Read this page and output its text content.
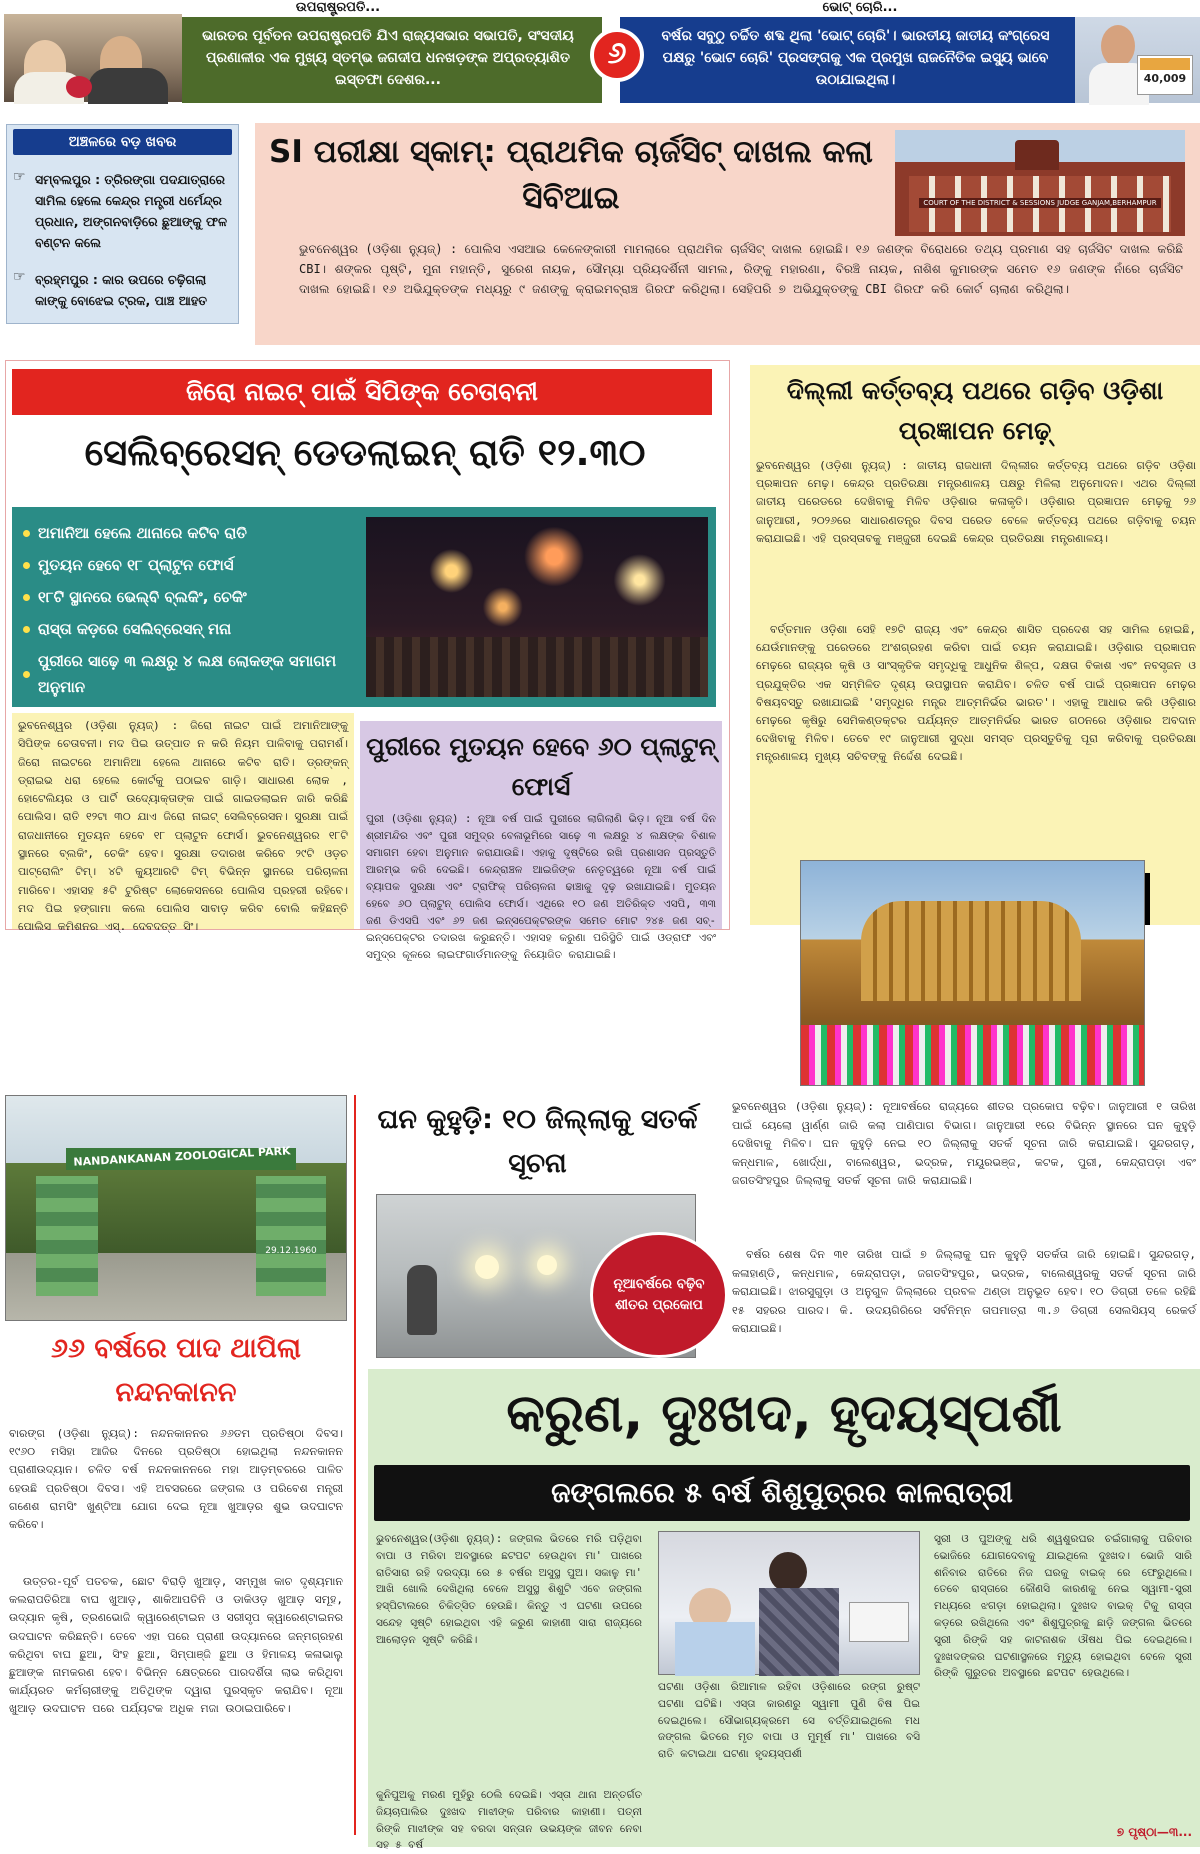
ଉପରାଷ୍ଟ୍ରପତି...
ଭାରତର ପୂର୍ବତନ ଉପରାଷ୍ଟ୍ରପତି ଯିଏ ରାଜ୍ୟସଭାର ସଭାପତି, ସଂସଦୀୟ ପ୍ରଣାଳୀର ଏକ ମୁଖ୍ୟ ସ୍ତମ୍ଭ ଜଗଦୀପ ଧନଖଡ଼ଙ୍କ ଅପ୍ରତ୍ୟାଶିତ ଇସ୍ତଫା ଦେଶର...
୬
ଭୋଟ୍ ଚୋରି...
ବର୍ଷର ସବୁଠୁ ଚର୍ଚ୍ଚିତ ଶବ୍ଦ ଥିଲା 'ଭୋଟ୍ ଚୋରି'। ଭାରତୀୟ ଜାତୀୟ କଂଗ୍ରେସ ପକ୍ଷରୁ 'ଭୋଟ ଚୋରି' ପ୍ରସଙ୍ଗକୁ ଏକ ପ୍ରମୁଖ ରାଜନୈତିକ ଇସ୍ୟୁ ଭାବେ ଉଠାଯାଇଥିଲା।	40,009
ଅଞ୍ଚଳରେ ବଡ଼ ଖବର
☞ ସମ୍ବଲପୁର : ତ୍ରିରଙ୍ଗା ପଦଯାତ୍ରାରେ ସାମିଲ ହେଲେ କେନ୍ଦ୍ର ମନ୍ତ୍ରୀ ଧର୍ମେନ୍ଦ୍ର ପ୍ରଧାନ, ଅଙ୍ଗନବାଡ଼ିରେ ଛୁଆଙ୍କୁ ଫଳ ବଣ୍ଟନ କଲେ
☞ ବ୍ରହ୍ମପୁର : କାର ଉପରେ ଚଢ଼ିଗଲା କାଙ୍କୁ ବୋଝେଇ ଟ୍ରକ, ପାଞ୍ଚ ଆହତ
SI ପରୀକ୍ଷା ସ୍କାମ୍: ପ୍ରାଥମିକ ଚାର୍ଜସିଟ୍ ଦାଖଲ କଲା ସିବିଆଇ
ଭୁବନେଶ୍ୱର (ଓଡ଼ିଶା ନ୍ୟୁଜ୍) : ପୋଲିସ ଏସଆଇ କେଳେଙ୍କାରୀ ମାମଲାରେ ପ୍ରାଥମିକ ଚାର୍ଜସିଟ୍ ଦାଖଲ ହୋଇଛି। ୧୬ ଜଣଙ୍କ ବିରୋଧରେ ତଥ୍ୟ ପ୍ରମାଣ ସହ ଚାର୍ଜସିଟ ଦାଖଲ କରିଛି CBI। ଶଙ୍କର ପୃଷ୍ଟି, ମୁନା ମହାନ୍ତି, ସୁରେଶ ନାୟକ, ସୌମ୍ୟା ପ୍ରିୟଦର୍ଶିନୀ ସାମଲ, ରିଙ୍କୁ ମହାରଣା, ବିରଞ୍ଚି ନାୟକ, ନାଶିଶ କୁମାରଙ୍କ ସମେତ ୧୬ ଜଣଙ୍କ ନାଁରେ ଚାର୍ଜସିଟ ଦାଖଲ ହୋଇଛି। ୧୬ ଅଭିଯୁକ୍ତଙ୍କ ମଧ୍ୟରୁ ୯ ଜଣଙ୍କୁ କ୍ରାଇମବ୍ରାଞ୍ଚ ଗିରଫ କରିଥିଲା। ସେହିପରି ୭ ଅଭିଯୁକ୍ତଙ୍କୁ CBI ଗିରଫ କରି କୋର୍ଟ ଚାଲାଣ କରିଥିଲା।
COURT OF THE DISTRICT & SESSIONS JUDGE GANJAM,BERHAMPUR
ଜିରୋ ନାଇଟ୍ ପାଇଁ ସିପିଙ୍କ ଚେତାବନୀ
ସେଲିବ୍ରେସନ୍ ଡେଡଲାଇନ୍ ରାତି ୧୨.୩୦
ଅମାନିଆ ହେଲେ ଥାନାରେ କଟିବ ରାତି
ମୁତୟନ ହେବେ ୧୮ ପ୍ଲାଟୁନ ଫୋର୍ସ
୧୮ଟି ସ୍ଥାନରେ ଭେଲ୍ବି ବ୍ଲକିଂ, ଚେକିଂ
ରାସ୍ତା କଡ଼ରେ ସେଲିବ୍ରେସନ୍ ମନା
ପୁରୀରେ ସାଢ଼େ ୩ ଲକ୍ଷରୁ ୪ ଲକ୍ଷ ଲୋକଙ୍କ ସମାଗମ ଅନୁମାନ
ଭୁବନେଶ୍ୱର (ଓଡ଼ିଶା ନ୍ୟୁଜ୍) : ଜିରୋ ନାଇଟ ପାଇଁ ଅମାନିଆଙ୍କୁ ସିପିଙ୍କ ଚେତାବନୀ। ମଦ ପିଇ ଉତ୍ପାତ ନ କରି ନିୟମ ପାଳିବାକୁ ପରାମର୍ଶ। ଜିରୋ ନାଇଟରେ ଅମାନିଆ ହେଲେ ଥାନାରେ କଟିବ ରାତି। ଡ୍ରଙ୍କନ୍ ଡ୍ରାଇଭ ଧରା ହେଲେ କୋର୍ଟକୁ ପଠାଇବ ଗାଡ଼ି। ସାଧାରଣ ଲୋକ , ହୋଟେଲିୟର ଓ ପାର୍ଟି ଉଦ୍ୟୋକ୍ତାଙ୍କ ପାଇଁ ଗାଇଡଲାଇନ ଜାରି କରିଛି ପୋଲିସ। ରାତି ୧୨ଟା ୩୦ ଯାଏ ଜିରୋ ନାଇଟ୍ ସେଲିବ୍ରେସନ। ସୁରକ୍ଷା ପାଇଁ ରାଜଧାନୀରେ ମୁତୟନ ହେବେ ୧୮ ପ୍ଲାଟୁନ ଫୋର୍ସ। ଭୁବନେଶ୍ୱରର ୧୮ଟି ସ୍ଥାନରେ ବ୍ଲକିଂ, ଚେକିଂ ହେବ। ସୁରକ୍ଷା ତଦାରଖ କରିବେ ୨୯ଟି ଓଡ଼ଚ ପାଟ୍ରୋଲିଂ ଟିମ୍। ୪ଟି କ୍ୟୁଆରଟି ଟିମ୍ ବିଭିନ୍ନ ସ୍ଥାନରେ ପରିଚାଳନା ମାରିବେ। ଏହାସହ ୫ଟି ଟୁରିଷ୍ଟ ଲୋକେସନରେ ପୋଲିସ ପ୍ରହରୀ ରହିବେ। ମଦ ପିଇ ହଙ୍ଗାମା କଲେ ପୋଲିସ ସାବାଡ଼ କରିବ ବୋଲି କହିଛନ୍ତି ପୋଲିସ କମିଶନର ଏସ୍. ଦେବଦତ୍ତ ସିଂ।
ପୁରୀରେ ମୁତୟନ ହେବେ ୬୦ ପ୍ଲାଟୁନ୍ ଫୋର୍ସ
ପୁରୀ (ଓଡ଼ିଶା ନ୍ୟୁଜ୍) : ନୂଆ ବର୍ଷ ପାଇଁ ପୁରୀରେ ଲାଗିଲାଣି ଭିଡ଼। ନୂଆ ବର୍ଷ ଦିନ ଶ୍ରୀମନ୍ଦିର ଏବଂ ପୁରୀ ସମୁଦ୍ର ବେଳାଭୂମିରେ ସାଢ଼େ ୩ ଲକ୍ଷରୁ ୪ ଲକ୍ଷଙ୍କ ବିଶାଳ ସମାଗମ ହେବା ଅନୁମାନ କରାଯାଉଛି। ଏହାକୁ ଦୃଷ୍ଟିରେ ରଖି ପ୍ରଶାସନ ପ୍ରସ୍ତୁତି ଆରମ୍ଭ କରି ଦେଇଛି। କେନ୍ଦ୍ରାଞ୍ଚଳ ଆଇଜିଙ୍କ ନେତୃତ୍ୱରେ ନୂଆ ବର୍ଷ ପାଇଁ ବ୍ୟାପକ ସୁରକ୍ଷା ଏବଂ ଟ୍ରାଫିକ୍ ପରିଚାଳନା ଢାଞ୍ଚାକୁ ଦୃଢ଼ ରଖାଯାଇଛି। ମୁତୟନ ହେବେ ୬୦ ପ୍ଲାଟୁନ୍ ପୋଲିସ ଫୋର୍ସ। ଏଥିରେ ୧୦ ଜଣ ଅତିରିକ୍ତ ଏସପି, ୩୩ ଜଣ ଡିଏସପି ଏବଂ ୬୨ ଜଣ ଇନ୍ସପେକ୍ଟରଙ୍କ ସମେତ ମୋଟ ୨୪୫ ଜଣ ସବ୍-ଇନ୍ସପେକ୍ଟର ତଦାରଖ କରୁଛନ୍ତି। ଏହାସହ କରୁଣା ପରିସ୍ଥିତି ପାଇଁ ଓଡ୍ରାଫ ଏବଂ ସମୁଦ୍ର କୂଳରେ ଲାଇଫଗାର୍ଡମାନଙ୍କୁ ନିୟୋଜିତ କରାଯାଇଛି।
ଦିଲ୍ଲୀ କର୍ତ୍ତବ୍ୟ ପଥରେ ଗଡ଼ିବ ଓଡ଼ିଶା ପ୍ରଜ୍ଞାପନ ମେଢ଼୍
ଭୁବନେଶ୍ୱର (ଓଡ଼ିଶା ନ୍ୟୁଜ୍) : ଜାତୀୟ ରାଜଧାନୀ ଦିଲ୍ଲୀର କର୍ତ୍ତବ୍ୟ ପଥରେ ଗଡ଼ିବ ଓଡ଼ିଶା ପ୍ରଜ୍ଞାପନ ମେଢ଼। କେନ୍ଦ୍ର ପ୍ରତିରକ୍ଷା ମନ୍ତ୍ରଣାଳୟ ପକ୍ଷରୁ ମିଳିଲା ଅନୁମୋଦନ। ଏଥର ଦିଲ୍ଲୀ ଜାତୀୟ ପରେଡରେ ଦେଖିବାକୁ ମିଳିବ ଓଡ଼ିଶାର କଳାକୃତି। ଓଡ଼ିଶାର ପ୍ରଜ୍ଞାପନ ମେଢ଼କୁ ୨୬ ଜାନୁଆରୀ, ୨୦୨୬ରେ ସାଧାରଣତନ୍ତ୍ର ଦିବସ ପରେଡ ବେଳେ କର୍ତ୍ତବ୍ୟ ପଥରେ ଗଡ଼ିବାକୁ ଚୟନ କରାଯାଇଛି। ଏହି ପ୍ରସ୍ତାବକୁ ମଞ୍ଜୁରୀ ଦେଇଛି କେନ୍ଦ୍ର ପ୍ରତିରକ୍ଷା ମନ୍ତ୍ରଣାଳୟ।
ବର୍ତ୍ତମାନ ଓଡ଼ିଶା ସେହି ୧୭ଟି ରାଜ୍ୟ ଏବଂ କେନ୍ଦ୍ର ଶାସିତ ପ୍ରଦେଶ ସହ ସାମିଲ ହୋଇଛି, ଯେଉଁମାନଙ୍କୁ ପରେଡରେ ଅଂଶଗ୍ରହଣ କରିବା ପାଇଁ ଚୟନ କରାଯାଇଛି। ଓଡ଼ିଶାର ପ୍ରଜ୍ଞାପନ ମେଢ଼ରେ ରାଜ୍ୟର କୃଷି ଓ ସାଂସ୍କୃତିକ ସମୃଦ୍ଧିକୁ ଆଧୁନିକ ଶିଳ୍ପ, ଦକ୍ଷତା ବିକାଶ ଏବଂ ନବସୃଜନ ଓ ପ୍ରଯୁକ୍ତିର ଏକ ସମ୍ମିଳିତ ଦୃଶ୍ୟ ଉପସ୍ଥାପନ କରାଯିବ। ଚଳିତ ବର୍ଷ ପାଇଁ ପ୍ରଜ୍ଞାପନ ମେଢ଼ର ବିଷୟବସ୍ତୁ ରଖାଯାଇଛି 'ସମୃଦ୍ଧିର ମନ୍ତ୍ର ଆତ୍ମନିର୍ଭର ଭାରତ'। ଏହାକୁ ଆଧାର କରି ଓଡ଼ିଶାର ମେଢ଼ରେ କୃଷିରୁ ସେମିକଣ୍ଡକ୍ଟର ପର୍ଯ୍ୟନ୍ତ ଆତ୍ମନିର୍ଭର ଭାରତ ଗଠନରେ ଓଡ଼ିଶାର ଅବଦାନ ଦେଖିବାକୁ ମିଳିବ। ତେବେ ୧୯ ଜାନୁଆରୀ ସୁଦ୍ଧା ସମସ୍ତ ପ୍ରସ୍ତୁତିକୁ ପୂରା କରିବାକୁ ପ୍ରତିରକ୍ଷା ମନ୍ତ୍ରଣାଳୟ ମୁଖ୍ୟ ସଚିବଙ୍କୁ ନିର୍ଦ୍ଦେଶ ଦେଇଛି।
NANDANKANAN ZOOLOGICAL PARK
29.12.1960
୬୬ ବର୍ଷରେ ପାଦ ଥାପିଲା ନନ୍ଦନକାନନ
ବାରଙ୍ଗ (ଓଡ଼ିଶା ନ୍ୟୁଜ୍): ନନ୍ଦନକାନନର ୬୬ତମ ପ୍ରତିଷ୍ଠା ଦିବସ। ୧୯୬୦ ମସିହା ଆଜିର ଦିନରେ ପ୍ରତିଷ୍ଠା ହୋଇଥିଲା ନନ୍ଦନକାନନ ପ୍ରାଣୀଉଦ୍ୟାନ। ଚଳିତ ବର୍ଷ ନନ୍ଦନକାନନରେ ମହା ଆଡ଼ମ୍ବରରେ ପାଳିତ ହେଉଛି ପ୍ରତିଷ୍ଠା ଦିବସ। ଏହି ଅବସରରେ ଜଙ୍ଗଲ ଓ ପରିବେଶ ମନ୍ତ୍ରୀ ଗଣେଶ ରାମସିଂ ଖୁଣ୍ଟିଆ ଯୋଗ ଦେଇ ନୂଆ ଖୁଆଡ଼ର ଶୁଭ ଉଦଘାଟନ କରିବେ।
ଉତ୍ତର-ପୂର୍ବ ପତଚକ, ଛୋଟ ବିରାଡ଼ି ଖୁଆଡ଼, ସମ୍ମୁଖ କାଚ ଦୃଶ୍ୟମାନ କଲରାପତିରିଆ ବାଘ ଖୁଆଡ଼, ଶାକିଆପତିନି ଓ ଡାକିଓଡ଼ ଖୁଆଡ଼ ସମୂହ, ଉଦ୍ୟାନ କୃଷି, ତ୍ରଣଭୋଜି କ୍ୱାରେଣ୍ଟାଇନ ଓ ସରୀସୃପ କ୍ୱାରେଣ୍ଟାଇନର ଉଦଘାଟନ କରିଛନ୍ତି। ତେବେ ଏହା ପରେ ପ୍ରାଣୀ ଉଦ୍ୟାନରେ ଜନ୍ମଗ୍ରହଣ କରିଥିବା ବାଘ ଛୁଆ, ସିଂହ ଛୁଆ, ସିମ୍ପାଞ୍ଜି ଛୁଆ ଓ ହିମାଳୟ କଳାଭାଲୁ ଛୁଆଙ୍କ ନାମକରଣ ହେବ। ବିଭିନ୍ନ କ୍ଷେତ୍ରରେ ପାରଦର୍ଶିତା ଲାଭ କରିଥିବା କାର୍ଯ୍ୟରତ କର୍ମଚାରୀଙ୍କୁ ଅତିଥିଙ୍କ ଦ୍ୱାରା ପୁରସ୍କୃତ କରାଯିବ। ନୂଆ ଖୁଆଡ଼ ଉଦଘାଟନ ପରେ ପର୍ଯ୍ୟଟକ ଅଧିକ ମଜା ଉଠାଇପାରିବେ।
ଘନ କୁହୁଡ଼ି: ୧୦ ଜିଲ୍ଲାକୁ ସତର୍କ ସୂଚନା
ନୂଆବର୍ଷରେ ବଢ଼ିବ ଶୀତର ପ୍ରକୋପ
ଭୁବନେଶ୍ୱର (ଓଡ଼ିଶା ନ୍ୟୁଜ୍): ନୂଆବର୍ଷରେ ରାଜ୍ୟରେ ଶୀତର ପ୍ରକୋପ ବଢ଼ିବ। ଜାନୁଆରୀ ୧ ତାରିଖ ପାଇଁ ୟେଲୋ ୱାର୍ଣ୍ଣ ଜାରି କଲା ପାଣିପାଗ ବିଭାଗ। ଜାନୁଆରୀ ୧ରେ ବିଭିନ୍ନ ସ୍ଥାନରେ ଘନ କୁହୁଡ଼ି ଦେଖିବାକୁ ମିଳିବ। ଘନ କୁହୁଡ଼ି ନେଇ ୧୦ ଜିଲ୍ଲାକୁ ସତର୍କ ସୂଚନା ଜାରି କରାଯାଇଛି। ସୁନ୍ଦରଗଡ଼, କନ୍ଧମାଳ, ଖୋର୍ଦ୍ଧା, ବାଲେଶ୍ୱର, ଭଦ୍ରକ, ମୟୂରଭଞ୍ଜ, କଟକ, ପୁରୀ, କେନ୍ଦ୍ରାପଡ଼ା ଏବଂ ଜଗତସିଂହପୁର ଜିଲ୍ଲାକୁ ସତର୍କ ସୂଚନା ଜାରି କରାଯାଇଛି।
ବର୍ଷର ଶେଷ ଦିନ ୩୧ ତାରିଖ ପାଇଁ ୭ ଜିଲ୍ଲାକୁ ଘନ କୁହୁଡ଼ି ସତର୍କତା ଜାରି ହୋଇଛି। ସୁନ୍ଦରଗଡ଼, କଳାହାଣ୍ଡି, କନ୍ଧମାଳ, କେନ୍ଦ୍ରାପଡ଼ା, ଜଗତସିଂହପୁର, ଭଦ୍ରକ, ବାଲେଶ୍ୱରକୁ ସତର୍କ ସୂଚନା ଜାରି କରାଯାଇଛି। ଝାରସୁଗୁଡ଼ା ଓ ଅନୁଗୁଳ ଜିଲ୍ଲାରେ ପ୍ରବଳ ଥଣ୍ଡା ଅନୁଭୂତ ହେବ। ୧୦ ଡିଗ୍ରୀ ତଳେ ରହିଛି ୧୫ ସହରର ପାରଦ। କି. ଉଦୟଗିରିରେ ସର୍ବନିମ୍ନ ତାପମାତ୍ରା ୩.୬ ଡିଗ୍ରୀ ସେଲସିୟସ୍ ରେକର୍ଡ କରାଯାଇଛି।
କରୁଣ, ଦୁଃଖଦ, ହୃଦୟସ୍ପର୍ଶୀ
ଜଙ୍ଗଲରେ ୫ ବର୍ଷ ଶିଶୁପୁତ୍ରର କାଳରାତ୍ରୀ
ଭୁବନେଶ୍ୱର(ଓଡ଼ିଶା ନ୍ୟୁଜ୍): ଜଙ୍ଗଲ ଭିତରେ ମରି ପଡ଼ିଥିବା ବାପା ଓ ମରିବା ଅବସ୍ଥାରେ ଛଟପଟ ହେଉଥିବା ମା' ପାଖରେ ରାତିସାରା ରହି ଦରଦ୍ୟା ରେ ୫ ବର୍ଷର ଅସୁସ୍ଥ ପୁଅ। ସକାଳୁ ମା' ଆଖି ଖୋଲି ଦେଖିଥିଲା ବେଳେ ଅସୁସ୍ଥ ଶିଶୁଟି ଏବେ ଜଙ୍ଗଲ ହସ୍ପିଟାଲରେ ଚିକିତ୍ସିତ ହେଉଛି। କିନ୍ତୁ ଏ ଘଟଣା ଉପରେ ସନ୍ଦେହ ସୃଷ୍ଟି ହୋଇଥିବା ଏହି କରୁଣ କାହାଣୀ ସାରା ରାଜ୍ୟରେ ଆଲୋଡ଼ନ ସୃଷ୍ଟି କରିଛି।
କୁନିପୁଅକୁ ମରଣ ମୁହଁରୁ ଠେଲି ଦେଇଛି। ଏସ୍ତା ଥାନା ଅନ୍ତର୍ଗତ ଜିୟଚାପାଲିର ଦୁଃଖଦ ମାଝୀଙ୍କ ପରିବାର କାହାଣୀ। ପତ୍ନୀ ରିଙ୍କି ମାଝୀଙ୍କ ସହ ବରଦା ସନ୍ତାନ ଉଭୟଙ୍କ ଜୀବନ ନେବା ସହ ୫ ବର୍ଷ
ଘଟଣା ଓଡ଼ିଶା ରିଆମାଳ ରହିବା ଓଡ଼ିଶାରେ ରଙ୍ଗ ରୁଷ୍ଟ ଘଟଣା ଘଟିଛି। ଏସ୍ତା କାରଣରୁ ସ୍ୱାମୀ ପୁଣି ବିଷ ପିଇ ଦେଇଥିଲେ। ସୌଭାଗ୍ୟକ୍ରମେ ସେ ବର୍ତ୍ତିଯାଇଥିଲେ ମଧ ଜଙ୍ଗଲ ଭିତରେ ମୃତ ବାପା ଓ ମୁମୂର୍ଷ ମା' ପାଖରେ ବସି ରାତି କଟାଇଥା ଘଟଣା ହୃଦୟସ୍ପର୍ଶୀ
ସ୍ତ୍ରୀ ଓ ପୁଅଙ୍କୁ ଧରି ଶ୍ୱଶୁରଘର ଚଇଁଗାଲାକୁ ପରିବାର ଭୋଜିରେ ଯୋଗଦେବାକୁ ଯାଇଥିଲେ ଦୁଃଖଦ। ଭୋଜି ସାରି ଶନିବାର ରାତିରେ ନିଜ ଘରକୁ ବାଇକ୍ ରେ ଫେରୁଥିଲେ। ତେବେ ରାସ୍ତାରେ କୌଣସି କାରଣକୁ ନେଇ ସ୍ୱାମୀ-ସ୍ତ୍ରୀ ମଧ୍ୟରେ ଝଗଡ଼ା ହୋଇଥିଲା। ଦୁଃଖଦ ବାଇକ୍ ଟିକୁ ରାସ୍ତା କଡ଼ରେ ରଖିଥିଲେ ଏବଂ ଶିଶୁପୁତ୍ରକୁ ଛାଡ଼ି ଜଙ୍ଗଲ ଭିତରେ ସ୍ତ୍ରୀ ରିଙ୍କି ସହ କାଟନାଶକ ଔଷଧ ପିଇ ଦେଇଥିଲେ। ଦୁଃଖଦଙ୍କର ଘଟଣାସ୍ଥଳରେ ମୃତ୍ୟୁ ହୋଇଥିବା ବେଳେ ସ୍ତ୍ରୀ ରିଙ୍କି ଗୁରୁତର ଅବସ୍ଥାରେ ଛଟପଟ ହେଉଥିଲେ।
୭ ପୃଷ୍ଠା—୩...
